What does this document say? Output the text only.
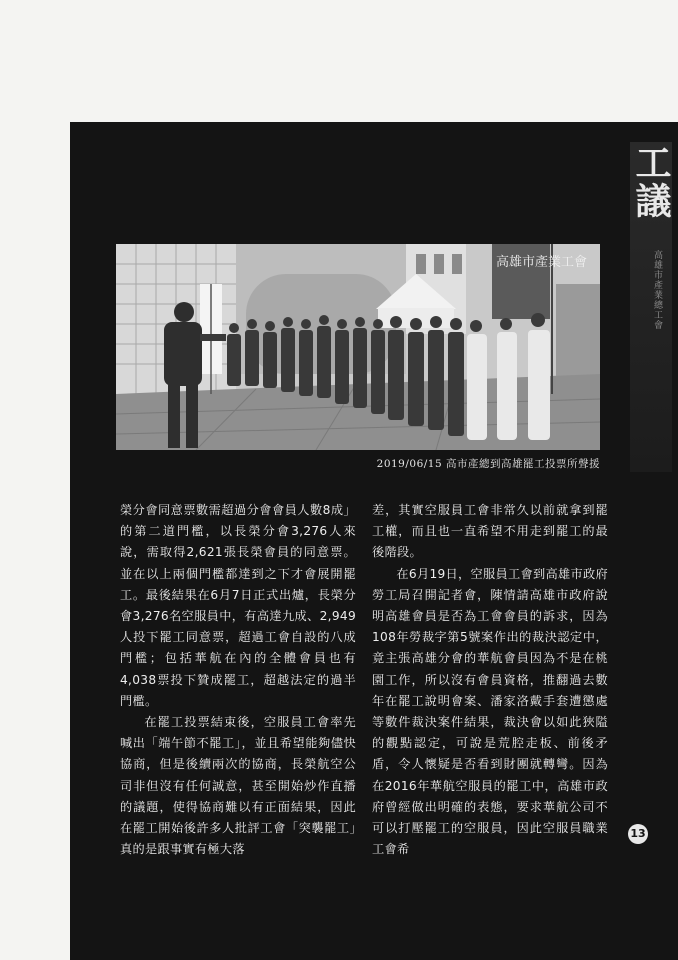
工議
高雄市產業總工會
高雄市產業工會
2019/06/15 高市產總到高雄罷工投票所聲援

榮分會同意票數需超過分會會員人數8成」的第二道門檻，以長榮分會3,276人來說，需取得2,621張長榮會員的同意票。並在以上兩個門檻都達到之下才會展開罷工。最後結果在6月7日正式出爐，長榮分會3,276名空服員中，有高達九成、2,949人投下罷工同意票，超過工會自設的八成門檻；包括華航在內的全體會員也有4,038票投下贊成罷工，超越法定的過半門檻。

在罷工投票結束後，空服員工會率先喊出「端午節不罷工」，並且希望能夠儘快協商，但是後續兩次的協商，長榮航空公司非但沒有任何誠意，甚至開始炒作直播的議題，使得協商難以有正面結果，因此在罷工開始後許多人批評工會「突襲罷工」真的是跟事實有極大落

差，其實空服員工會非常久以前就拿到罷工權，而且也一直希望不用走到罷工的最後階段。

在6月19日，空服員工會到高雄市政府勞工局召開記者會，陳情請高雄市政府說明高雄會員是否為工會會員的訴求，因為108年勞裁字第5號案作出的裁決認定中，竟主張高雄分會的華航會員因為不是在桃園工作，所以沒有會員資格，推翻過去數年在罷工說明會案、潘家洛戴手套遭懲處等數件裁決案件結果，裁決會以如此狹隘的觀點認定，可說是荒腔走板、前後矛盾，令人懷疑是否看到財團就轉彎。因為在2016年華航空服員的罷工中，高雄市政府曾經做出明確的表態，要求華航公司不可以打壓罷工的空服員，因此空服員職業工會希

13
